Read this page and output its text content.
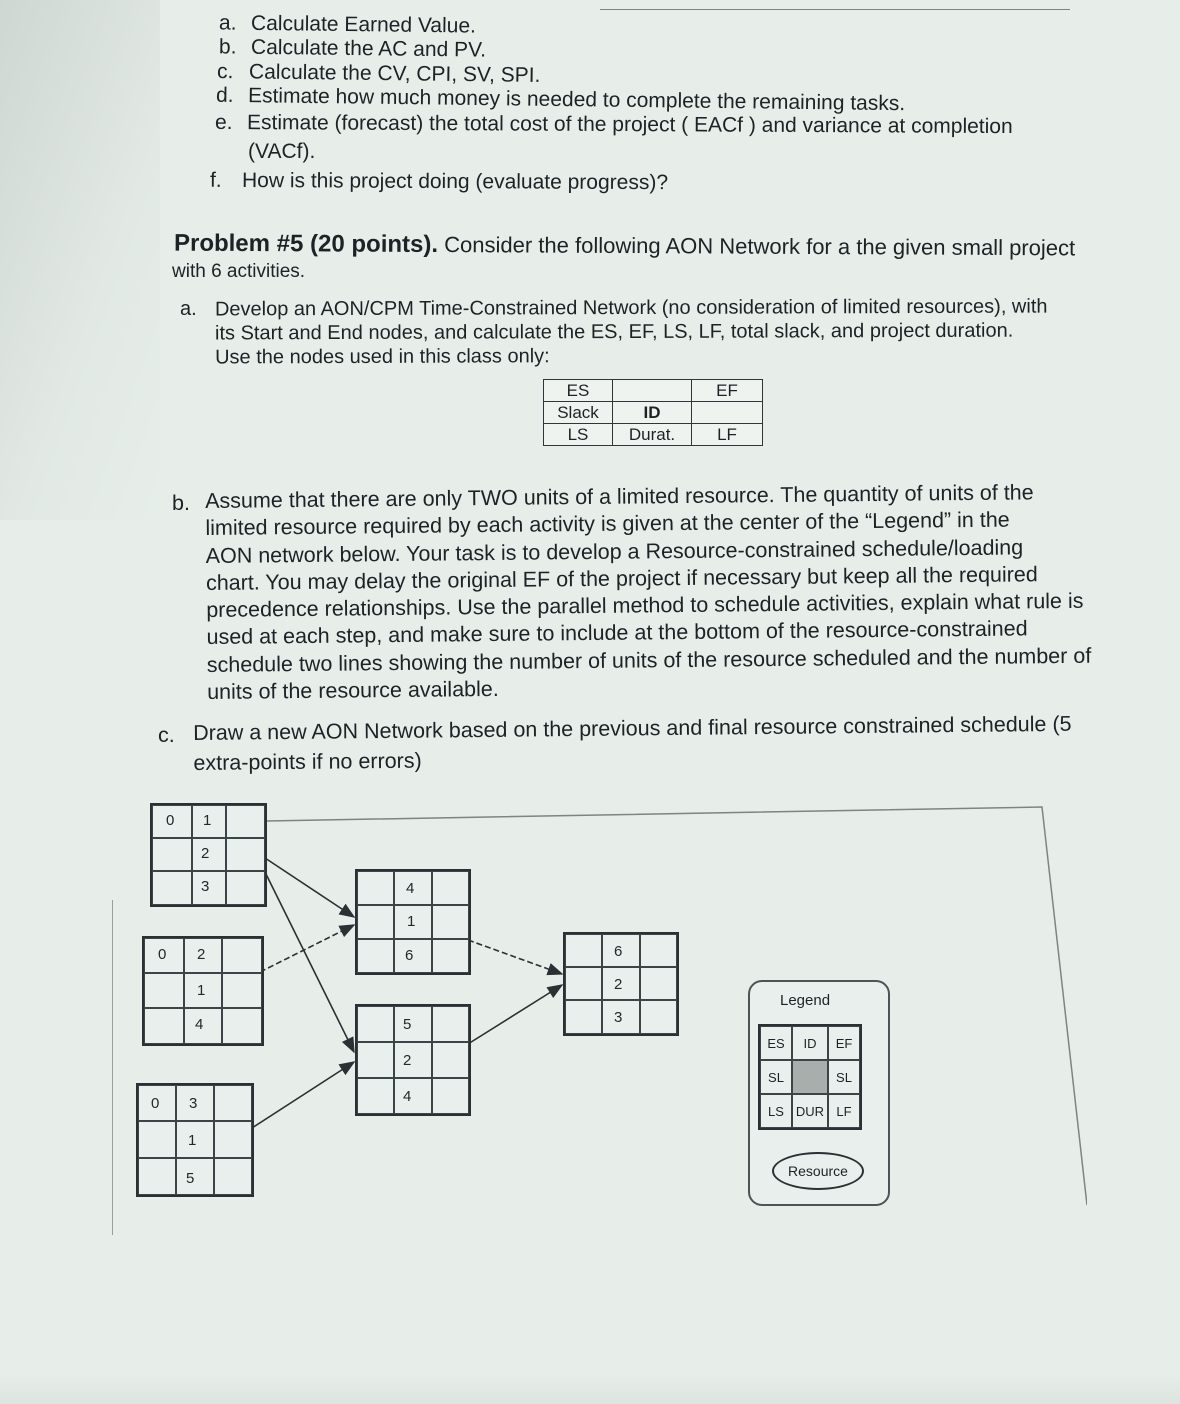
a. Calculate Earned Value.
b. Calculate the AC and PV.
c. Calculate the CV, CPI, SV, SPI.
d. Estimate how much money is needed to complete the remaining tasks.
e. Estimate (forecast) the total cost of the project ( EACf ) and variance at completion
(VACf).
f. How is this project doing (evaluate progress)?
Problem #5 (20 points). Consider the following AON Network for a the given small project
with 6 activities.
a. Develop an AON/CPM Time-Constrained Network (no consideration of limited resources), with
its Start and End nodes, and calculate the ES, EF, LS, LF, total slack, and project duration.
Use the nodes used in this class only:
ES		EF
Slack	ID	
LS	Durat.	LF
b. Assume that there are only TWO units of a limited resource. The quantity of units of the
limited resource required by each activity is given at the center of the “Legend” in the
AON network below. Your task is to develop a Resource-constrained schedule/loading
chart. You may delay the original EF of the project if necessary but keep all the required
precedence relationships. Use the parallel method to schedule activities, explain what rule is
used at each step, and make sure to include at the bottom of the resource-constrained
schedule two lines showing the number of units of the resource scheduled and the number of
units of the resource available.
c. Draw a new AON Network based on the previous and final resource constrained schedule (5
extra-points if no errors)
0 1
2
3
0 2
1
4
0 3
1
5
4
1
6
5
2
4
6
2
3
Legend
ES	ID	EF
SL	SL
LS DUR LF
Resource
